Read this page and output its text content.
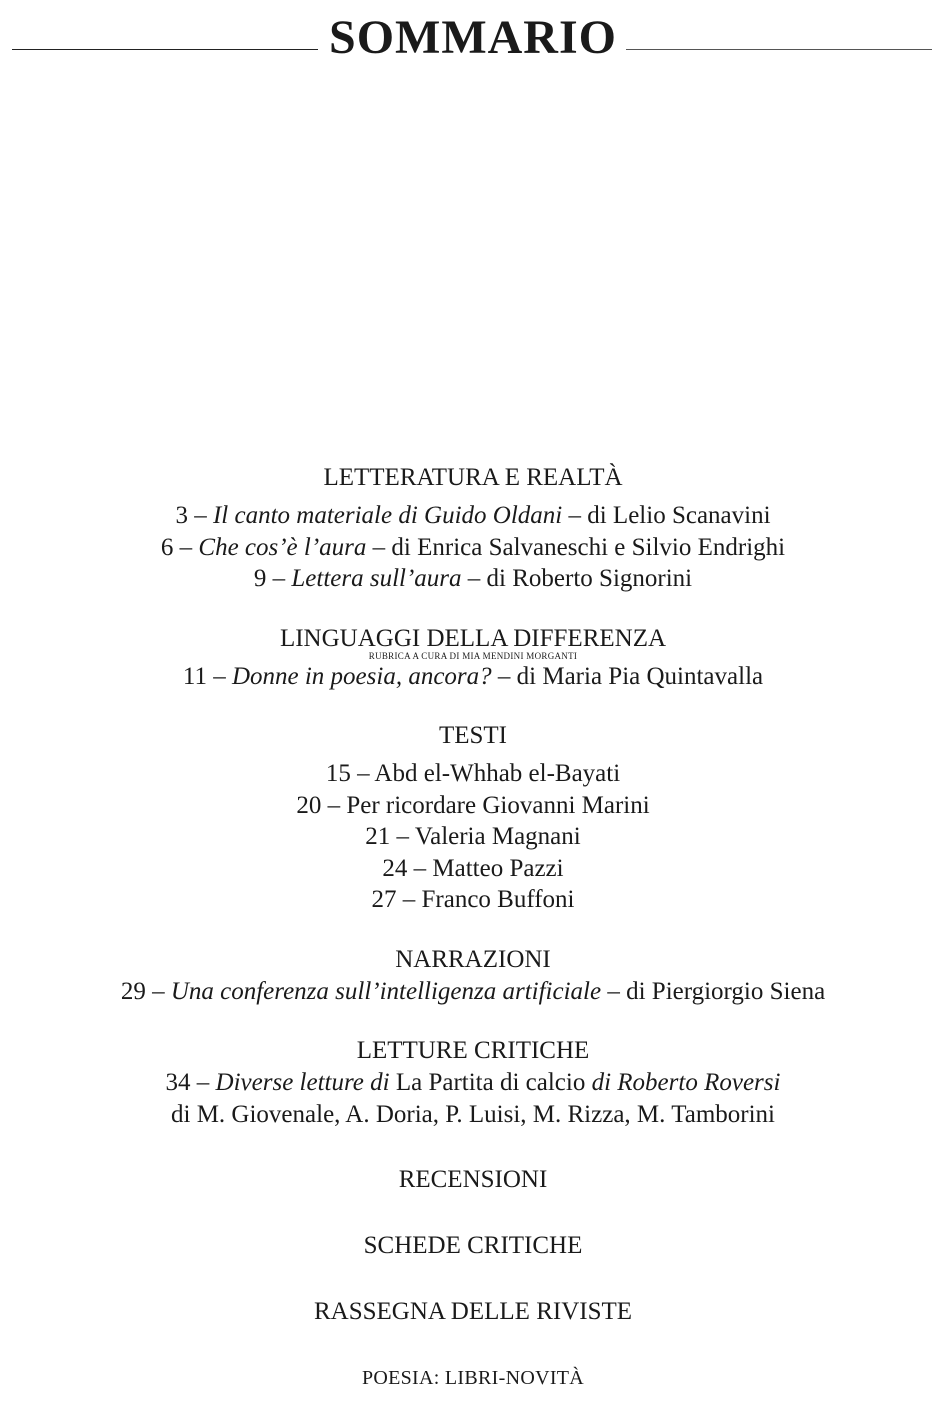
SOMMARIO
LETTERATURA E REALTÀ
3 – Il canto materiale di Guido Oldani – di Lelio Scanavini
6 – Che cos’è l’aura – di Enrica Salvaneschi e Silvio Endrighi
9 – Lettera sull’aura – di Roberto Signorini
LINGUAGGI DELLA DIFFERENZA
RUBRICA A CURA DI MIA MENDINI MORGANTI
11 – Donne in poesia, ancora? – di Maria Pia Quintavalla
TESTI
15 – Abd el-Whhab el-Bayati
20 – Per ricordare Giovanni Marini
21 – Valeria Magnani
24 – Matteo Pazzi
27 – Franco Buffoni
NARRAZIONI
29 – Una conferenza sull’intelligenza artificiale – di Piergiorgio Siena
LETTURE CRITICHE
34 – Diverse letture di La Partita di calcio di Roberto Roversi
di M. Giovenale, A. Doria, P. Luisi, M. Rizza, M. Tamborini
RECENSIONI
SCHEDE CRITICHE
RASSEGNA DELLE RIVISTE
POESIA: LIBRI-NOVITÀ
